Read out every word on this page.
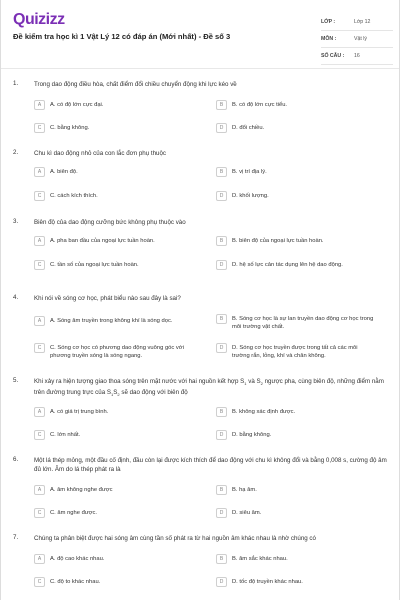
Quizizz
Đề kiểm tra học kì 1 Vật Lý 12 có đáp án (Mới nhất) - Đề số 3
LỚP :	Lớp 12
MÔN :	Vật lý
SỐ CÂU :	16
1.	Trong dao động điều hòa, chất điểm đổi chiều chuyển động khi lực kéo về
A	A. có độ lớn cực đại.	B	B. có độ lớn cực tiểu.
C	C. bằng không.	D	D. đổi chiều.
2.	Chu kì dao động nhỏ của con lắc đơn phụ thuộc
A	A. biên độ.	B	B. vị trí địa lý.
C	C. cách kích thích.	D	D. khối lượng.
3.	Biên độ của dao động cưỡng bức không phụ thuộc vào
A	A. pha ban đầu của ngoại lực tuần hoàn.	B	B. biên độ của ngoại lực tuần hoàn.
C	C. tần số của ngoại lực tuần hoàn.	D	D. hệ số lực cản tác dụng lên hệ dao động.
4.	Khi nói về sóng cơ học, phát biểu nào sau đây là sai?
A	A. Sóng âm truyền trong không khí là sóng dọc.	B	B. Sóng cơ học là sự lan truyền dao động cơ học trong môi trường vật chất.
C	C. Sóng cơ học có phương dao động vuông góc với phương truyền sóng là sóng ngang.
D	D. Sóng cơ học truyền được trong tất cả các môi trường rắn, lỏng, khí và chân không.
5.	Khi xảy ra hiện tượng giao thoa sóng trên mặt nước với hai nguồn kết hợp $S_1$ và $S_2$ ngược pha, cùng biên độ, những điểm nằm trên đường trung trực của $S_1S_2$ sẽ dao động với biên độ
A	A. có giá trị trung bình.	B	B. không xác định được.
C	C. lớn nhất.	D	D. bằng không.
6.	Một lá thép mỏng, một đầu cố định, đầu còn lại được kích thích để dao động với chu kì không đổi và bằng 0,008 s, cường độ âm đủ lớn. Âm do lá thép phát ra là
A	A. âm không nghe được	B	B. hạ âm.
C	C. âm nghe được.	D	D. siêu âm.
7.	Chúng ta phân biệt được hai sóng âm cùng tần số phát ra từ hai nguồn âm khác nhau là nhờ chúng có
A	A. độ cao khác nhau.	B	B. âm sắc khác nhau.
C	C. độ to khác nhau.	D	D. tốc độ truyền khác nhau.
